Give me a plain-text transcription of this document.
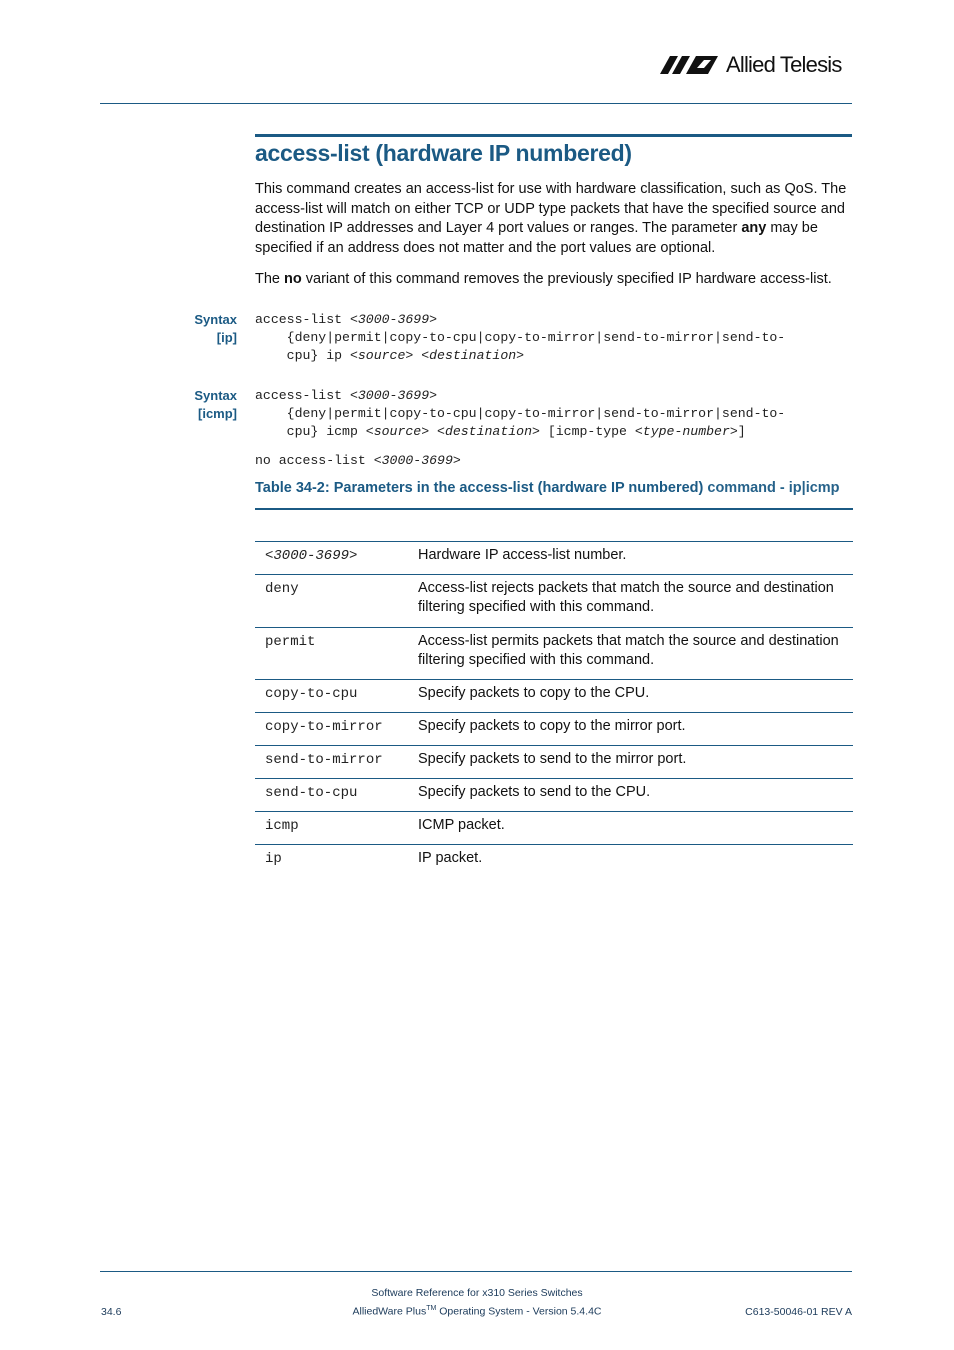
Allied Telesis
access-list (hardware IP numbered)
This command creates an access-list for use with hardware classification, such as QoS. The access-list will match on either TCP or UDP type packets that have the specified source and destination IP addresses and Layer 4 port values or ranges. The parameter any may be specified if an address does not matter and the port values are optional.
The no variant of this command removes the previously specified IP hardware access-list.
Syntax
[ip]
access-list <3000-3699>
{deny|permit|copy-to-cpu|copy-to-mirror|send-to-mirror|send-to-
cpu} ip <source> <destination>
Syntax
[icmp]
access-list <3000-3699>
{deny|permit|copy-to-cpu|copy-to-mirror|send-to-mirror|send-to-
cpu} icmp <source> <destination> [icmp-type <type-number>]
no access-list <3000-3699>
Table 34-2: Parameters in the access-list (hardware IP numbered) command - ip|icmp
<3000-3699>	Hardware IP access-list number.
deny	Access-list rejects packets that match the source and destination filtering specified with this command.
permit	Access-list permits packets that match the source and destination filtering specified with this command.
copy-to-cpu	Specify packets to copy to the CPU.
copy-to-mirror Specify packets to copy to the mirror port.
send-to-mirror Specify packets to send to the mirror port.
send-to-cpu	Specify packets to send to the CPU.
icmp	ICMP packet.
ip	IP packet.
Software Reference for x310 Series Switches
AlliedWare Plus™ Operating System - Version 5.4.4C
34.6	C613-50046-01 REV A
